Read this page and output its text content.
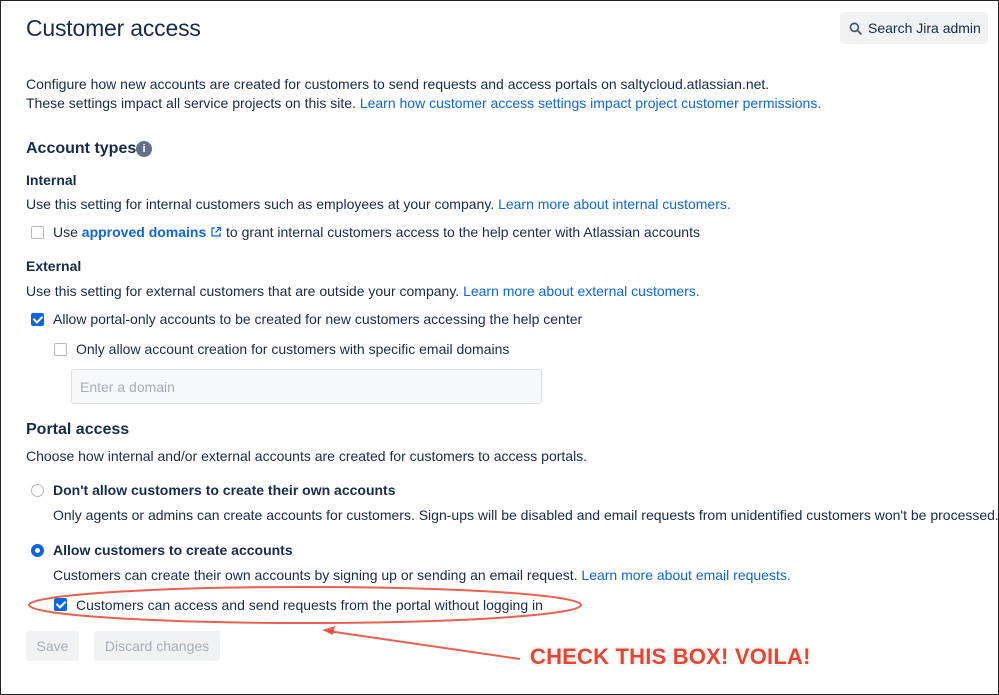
Customer access	Search Jira admin
Configure how new accounts are created for customers to send requests and access portals on saltycloud.atlassian.net.
These settings impact all service projects on this site. Learn how customer access settings impact project customer permissions.
Account types i
Internal
Use this setting for internal customers such as employees at your company. Learn more about internal customers.
Use approved domains to grant internal customers access to the help center with Atlassian accounts
External
Use this setting for external customers that are outside your company. Learn more about external customers.
Allow portal-only accounts to be created for new customers accessing the help center
Only allow account creation for customers with specific email domains
Enter a domain
Portal access
Choose how internal and/or external accounts are created for customers to access portals.
Don't allow customers to create their own accounts
Only agents or admins can create accounts for customers. Sign-ups will be disabled and email requests from unidentified customers won't be processed.
Allow customers to create accounts
Customers can create their own accounts by signing up or sending an email request. Learn more about email requests.
Customers can access and send requests from the portal without logging in
Save	Discard changes	CHECK THIS BOX! VOILA!
